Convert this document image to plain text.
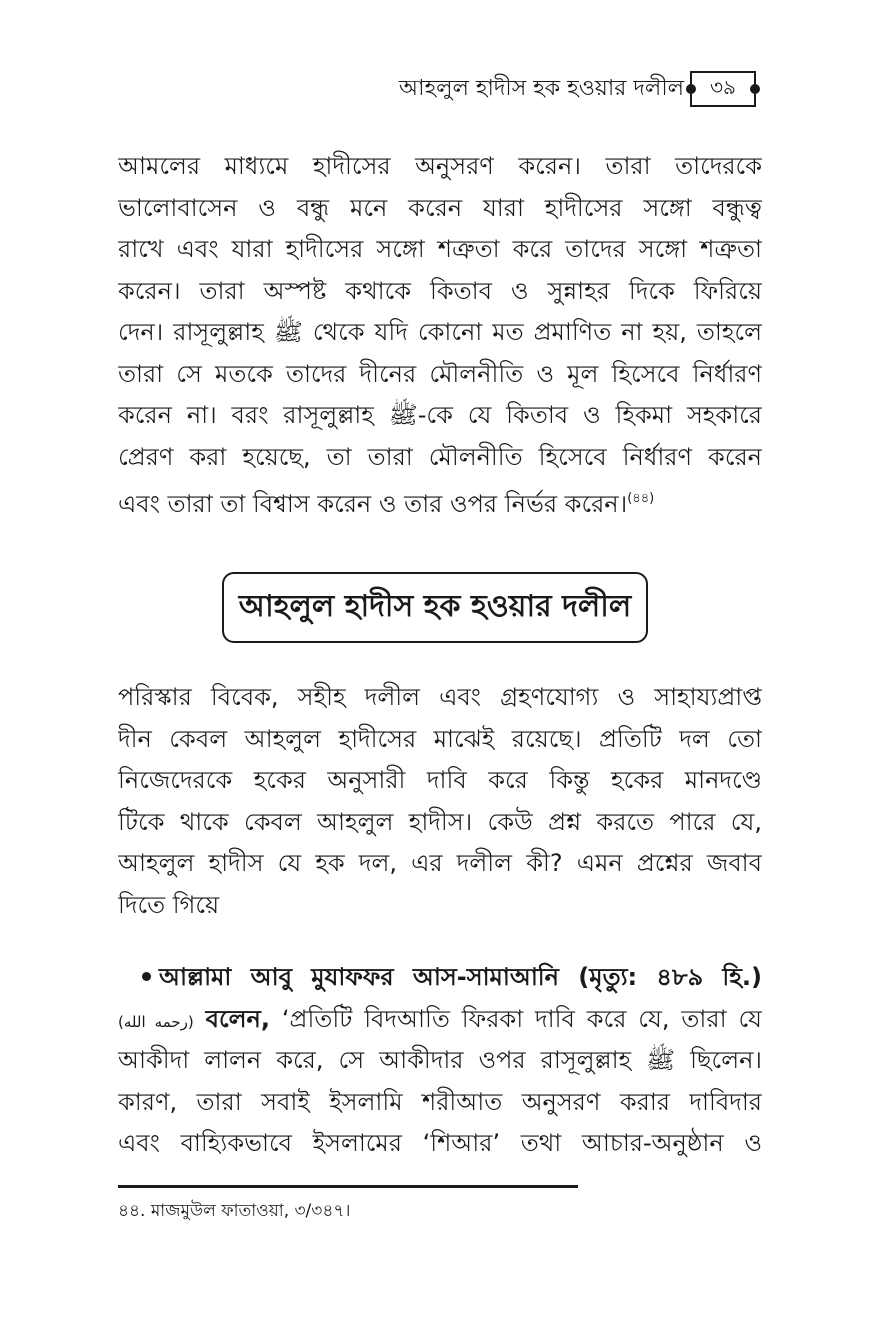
আহলুল হাদীস হক হওয়ার দলীল ৩৯
আমলের মাধ্যমে হাদীসের অনুসরণ করেন। তারা তাদেরকে
ভালোবাসেন ও বন্ধু মনে করেন যারা হাদীসের সঙ্গো বন্ধুত্ব
রাখে এবং যারা হাদীসের সঙ্গো শত্রুতা করে তাদের সঙ্গো শত্রুতা
করেন। তারা অস্পষ্ট কথাকে কিতাব ও সুন্নাহর দিকে ফিরিয়ে
দেন। রাসূলুল্লাহ ﷺ থেকে যদি কোনো মত প্রমাণিত না হয়, তাহলে
তারা সে মতকে তাদের দীনের মৌলনীতি ও মূল হিসেবে নির্ধারণ
করেন না। বরং রাসূলুল্লাহ ﷺ-কে যে কিতাব ও হিকমা সহকারে
প্রেরণ করা হয়েছে, তা তারা মৌলনীতি হিসেবে নির্ধারণ করেন
এবং তারা তা বিশ্বাস করেন ও তার ওপর নির্ভর করেন।$^{(৪৪)}$
আহলুল হাদীস হক হওয়ার দলীল
পরিস্কার বিবেক, সহীহ দলীল এবং গ্রহণযোগ্য ও সাহায্যপ্রাপ্ত
দীন কেবল আহলুল হাদীসের মাঝেই রয়েছে। প্রতিটি দল তো
নিজেদেরকে হকের অনুসারী দাবি করে কিন্তু হকের মানদণ্ডে
টিকে থাকে কেবল আহলুল হাদীস। কেউ প্রশ্ন করতে পারে যে,
আহলুল হাদীস যে হক দল, এর দলীল কী? এমন প্রশ্নের জবাব
দিতে গিয়ে
আল্লামা আবু মুযাফফর আস-সামাআনি (মৃত্যু: ৪৮৯ হি.)
(رحمه الله) বলেন, ‘প্রতিটি বিদআতি ফিরকা দাবি করে যে, তারা যে
আকীদা লালন করে, সে আকীদার ওপর রাসূলুল্লাহ ﷺ ছিলেন।
কারণ, তারা সবাই ইসলামি শরীআত অনুসরণ করার দাবিদার
এবং বাহ্যিকভাবে ইসলামের ‘শিআর’ তথা আচার-অনুষ্ঠান ও
৪৪. মাজমুউল ফাতাওয়া, ৩/৩৪৭।
